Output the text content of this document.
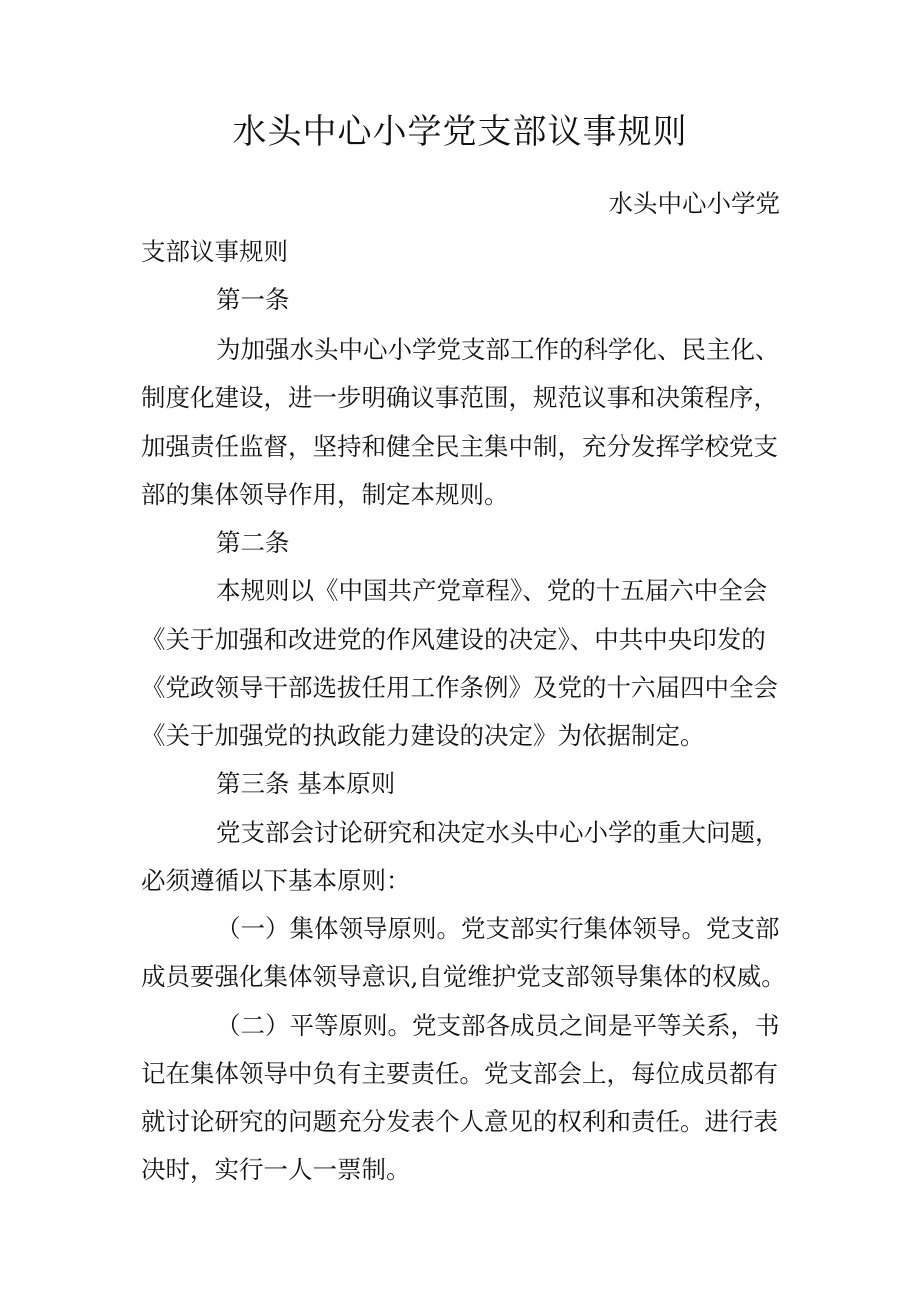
水头中心小学党支部议事规则

水头中心小学党

支部议事规则

第一条

为加强水头中心小学党支部工作的科学化、民主化、

制度化建设，进一步明确议事范围，规范议事和决策程序，

加强责任监督，坚持和健全民主集中制，充分发挥学校党支

部的集体领导作用，制定本规则。

第二条

本规则以《中国共产党章程》、党的十五届六中全会

《关于加强和改进党的作风建设的决定》、中共中央印发的

《党政领导干部选拔任用工作条例》及党的十六届四中全会

《关于加强党的执政能力建设的决定》为依据制定。

第三条 基本原则

党支部会讨论研究和决定水头中心小学的重大问题，

必须遵循以下基本原则：

（一）集体领导原则。党支部实行集体领导。党支部

成员要强化集体领导意识,自觉维护党支部领导集体的权威。

（二）平等原则。党支部各成员之间是平等关系，书

记在集体领导中负有主要责任。党支部会上，每位成员都有

就讨论研究的问题充分发表个人意见的权利和责任。进行表

决时，实行一人一票制。
